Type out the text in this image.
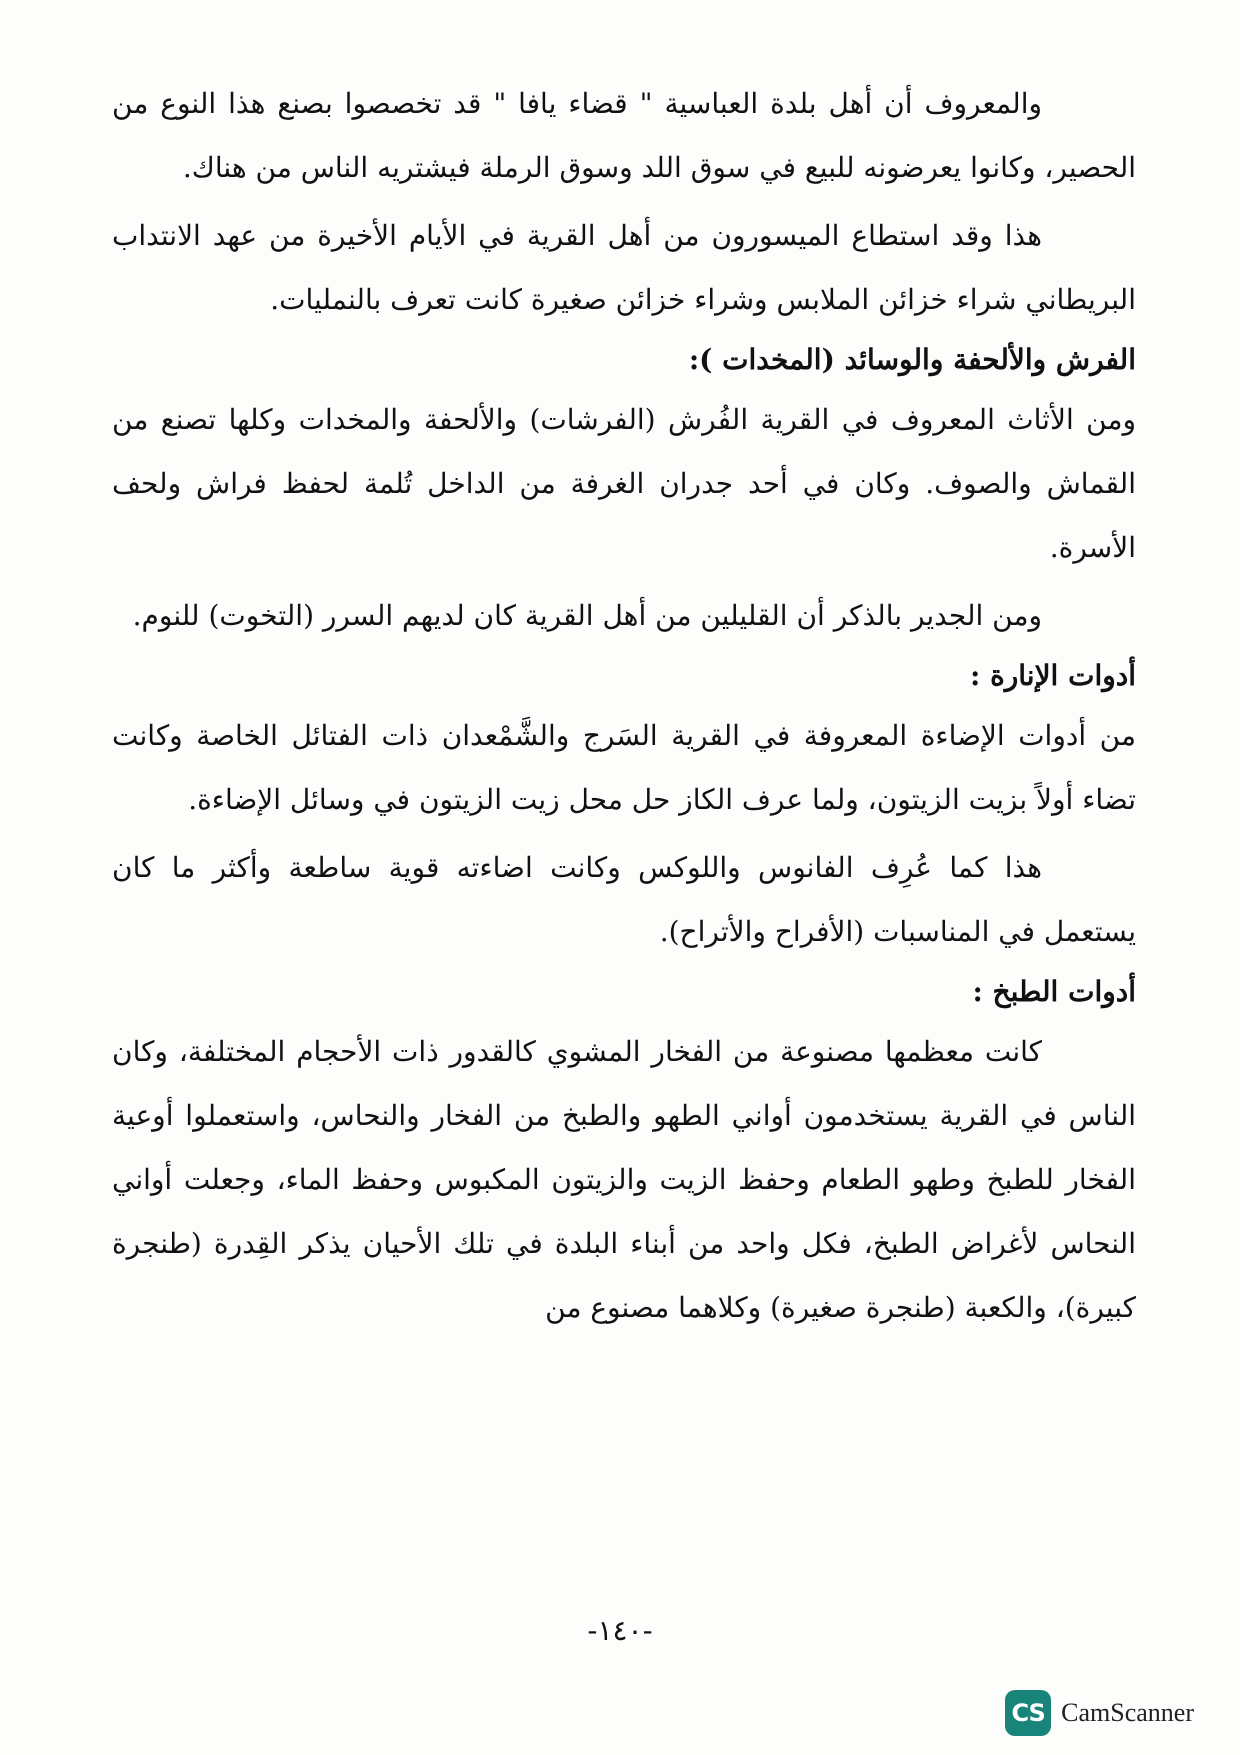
والمعروف أن أهل بلدة العباسية " قضاء يافا " قد تخصصوا بصنع هذا النوع من الحصير، وكانوا يعرضونه للبيع في سوق اللد وسوق الرملة فيشتريه الناس من هناك.

هذا وقد استطاع الميسورون من أهل القرية في الأيام الأخيرة من عهد الانتداب البريطاني شراء خزائن الملابس وشراء خزائن صغيرة كانت تعرف بالنمليات.

الفرش والألحفة والوسائد (المخدات ):

ومن الأثاث المعروف في القرية الفُرش (الفرشات) والألحفة والمخدات وكلها تصنع من القماش والصوف. وكان في أحد جدران الغرفة من الداخل تُلمة لحفظ فراش ولحف الأسرة.

ومن الجدير بالذكر أن القليلين من أهل القرية كان لديهم السرر (التخوت) للنوم.

أدوات الإنارة :

من أدوات الإضاءة المعروفة في القرية السَرج والشَّمْعدان ذات الفتائل الخاصة وكانت تضاء أولاً بزيت الزيتون، ولما عرف الكاز حل محل زيت الزيتون في وسائل الإضاءة.

هذا كما عُرِف الفانوس واللوكس وكانت اضاءته قوية ساطعة وأكثر ما كان يستعمل في المناسبات (الأفراح والأتراح).

أدوات الطبخ :

كانت معظمها مصنوعة من الفخار المشوي كالقدور ذات الأحجام المختلفة، وكان الناس في القرية يستخدمون أواني الطهو والطبخ من الفخار والنحاس، واستعملوا أوعية الفخار للطبخ وطهو الطعام وحفظ الزيت والزيتون المكبوس وحفظ الماء، وجعلت أواني النحاس لأغراض الطبخ، فكل واحد من أبناء البلدة في تلك الأحيان يذكر القِدرة (طنجرة كبيرة)، والكعبة (طنجرة صغيرة) وكلاهما مصنوع من

-١٤٠-
CS CamScanner
